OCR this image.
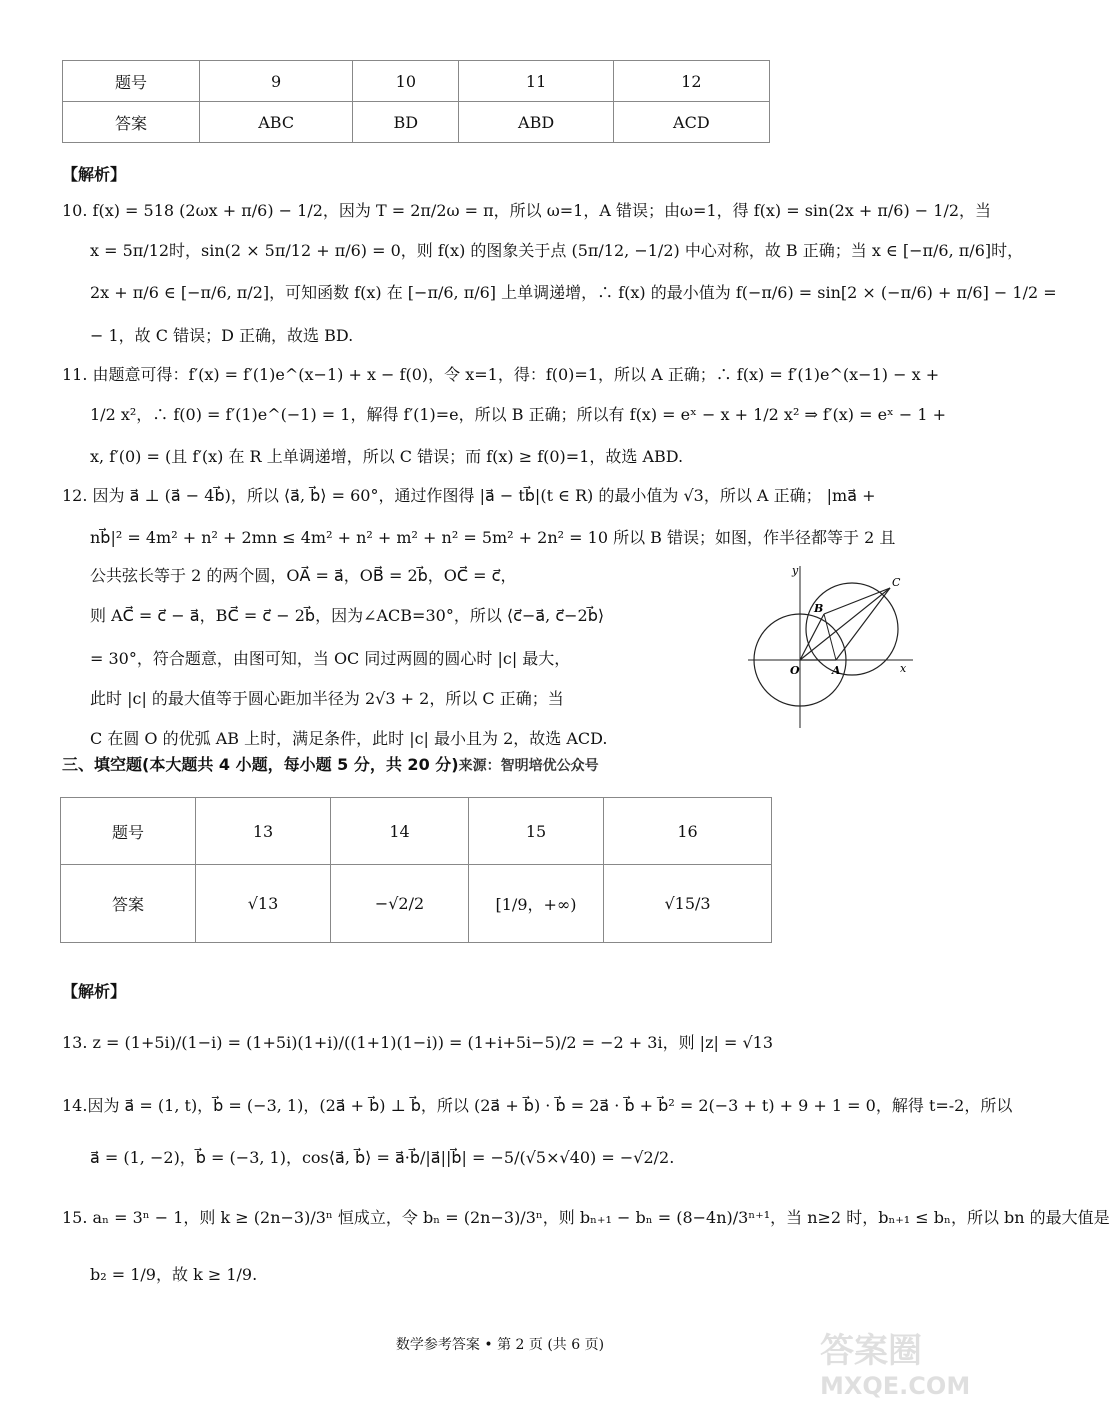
题号	9	10	11	12
答案	ABC	BD	ABD	ACD
【解析】
10. f(x) = 518 (2ωx + π/6) − 1/2，因为 T = 2π/2ω = π，所以 ω=1，A 错误；由ω=1，得 f(x) = sin(2x + π/6) − 1/2，当
x = 5π/12时，sin(2 × 5π/12 + π/6) = 0，则 f(x) 的图象关于点 (5π/12, −1/2) 中心对称，故 B 正确；当 x ∈ [−π/6, π/6]时，
2x + π/6 ∈ [−π/6, π/2]，可知函数 f(x) 在 [−π/6, π/6] 上单调递增，∴ f(x) 的最小值为 f(−π/6) = sin[2 × (−π/6) + π/6] − 1/2 =
− 1，故 C 错误；D 正确，故选 BD.
11. 由题意可得：f′(x) = f′(1)e^(x−1) + x − f(0)，令 x=1，得：f(0)=1，所以 A 正确；∴ f(x) = f′(1)e^(x−1) − x +
1/2 x²，∴ f(0) = f′(1)e^(−1) = 1，解得 f′(1)=e，所以 B 正确；所以有 f(x) = eˣ − x + 1/2 x² ⇒ f′(x) = eˣ − 1 +
x, f′(0) = (且 f′(x) 在 R 上单调递增，所以 C 错误；而 f(x) ≥ f(0)=1，故选 ABD.
12. 因为 a⃗ ⊥ (a⃗ − 4b⃗)，所以 ⟨a⃗, b⃗⟩ = 60°，通过作图得 |a⃗ − tb⃗|(t ∈ R) 的最小值为 √3，所以 A 正确； |ma⃗ +
nb⃗|² = 4m² + n² + 2mn ≤ 4m² + n² + m² + n² = 5m² + 2n² = 10 所以 B 错误；如图，作半径都等于 2 且
公共弦长等于 2 的两个圆，OA⃗ = a⃗，OB⃗ = 2b⃗，OC⃗ = c⃗，
则 AC⃗ = c⃗ − a⃗，BC⃗ = c⃗ − 2b⃗，因为∠ACB=30°，所以 ⟨c⃗−a⃗, c⃗−2b⃗⟩
= 30°，符合题意，由图可知，当 OC 同过两圆的圆心时 |c| 最大，
此时 |c| 的最大值等于圆心距加半径为 2√3 + 2，所以 C 正确；当
C 在圆 O 的优弧 AB 上时，满足条件，此时 |c| 最小且为 2，故选 ACD.
y
x
O	A
B
C
三、填空题(本大题共 4 小题，每小题 5 分，共 20 分)来源：智明培优公众号
题号	13	14	15	16
答案	√13	−√2/2	[1/9，+∞)	√15/3
【解析】
13. z = (1+5i)/(1−i) = (1+5i)(1+i)/((1+1)(1−i)) = (1+i+5i−5)/2 = −2 + 3i，则 |z| = √13
14.因为 a⃗ = (1, t)，b⃗ = (−3, 1)，(2a⃗ + b⃗) ⊥ b⃗，所以 (2a⃗ + b⃗) · b⃗ = 2a⃗ · b⃗ + b⃗² = 2(−3 + t) + 9 + 1 = 0，解得 t=-2，所以
a⃗ = (1, −2)，b⃗ = (−3, 1)，cos⟨a⃗, b⃗⟩ = a⃗·b⃗/|a⃗||b⃗| = −5/(√5×√40) = −√2/2.
15. aₙ = 3ⁿ − 1，则 k ≥ (2n−3)/3ⁿ 恒成立，令 bₙ = (2n−3)/3ⁿ，则 bₙ₊₁ − bₙ = (8−4n)/3ⁿ⁺¹，当 n≥2 时，bₙ₊₁ ≤ bₙ，所以 bn 的最大值是
b₂ = 1/9，故 k ≥ 1/9.
数学参考答案 • 第 2 页 (共 6 页)	答案圈
MXQE.COM
